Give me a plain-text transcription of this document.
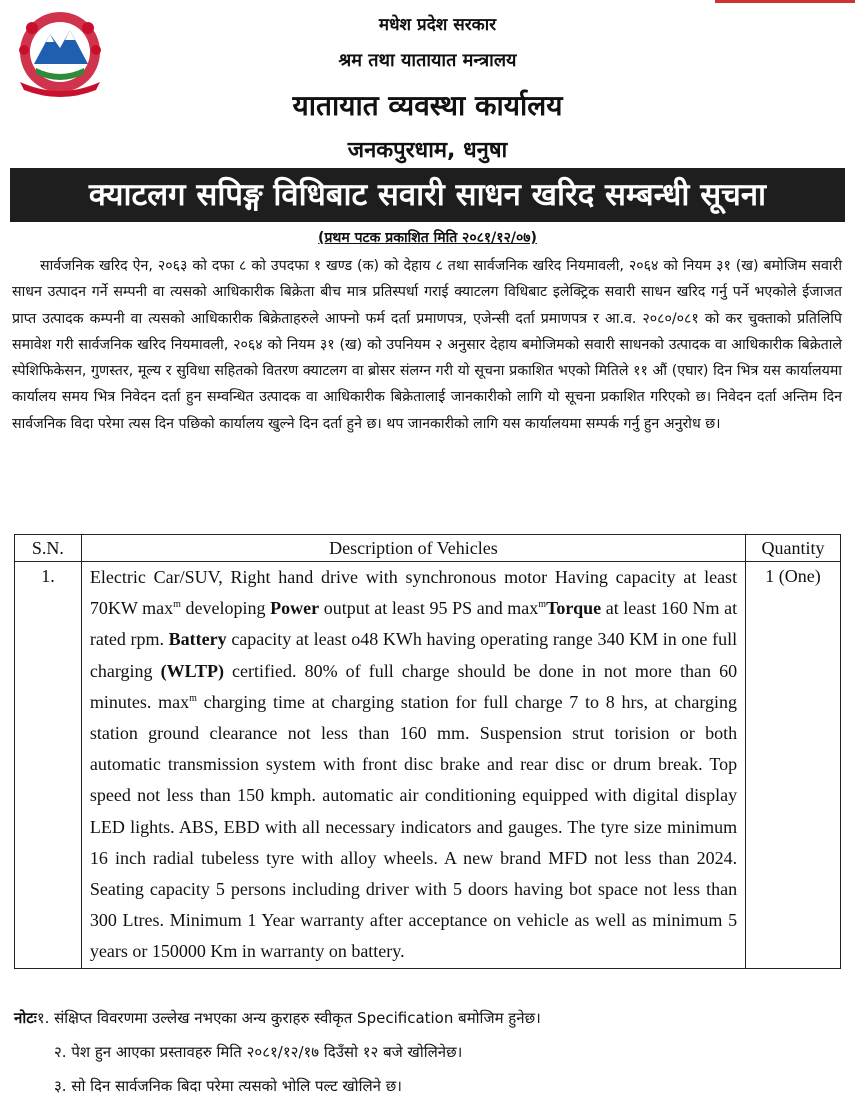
मधेश प्रदेश सरकार
श्रम तथा यातायात मन्त्रालय
यातायात व्यवस्था कार्यालय
जनकपुरधाम, धनुषा
क्याटलग सपिङ्ग विधिबाट सवारी साधन खरिद सम्बन्धी सूचना
(प्रथम पटक प्रकाशित मिति २०८१/१२/०७)
सार्वजनिक खरिद ऐन, २०६३ को दफा ८ को उपदफा १ खण्ड (क) को देहाय ८ तथा सार्वजनिक खरिद नियमावली, २०६४ को नियम ३१ (ख) बमोजिम सवारी साधन उत्पादन गर्ने सम्पनी वा त्यसको आधिकारीक बिक्रेता बीच मात्र प्रतिस्पर्धा गराई क्याटलग विधिबाट इलेक्ट्रिक सवारी साधन खरिद गर्नु पर्ने भएकोले ईजाजत प्राप्त उत्पादक कम्पनी वा त्यसको आधिकारीक बिक्रेताहरुले आफ्नो फर्म दर्ता प्रमाणपत्र, एजेन्सी दर्ता प्रमाणपत्र र आ.व. २०८०/०८१ को कर चुक्ताको प्रतिलिपि समावेश गरी सार्वजनिक खरिद नियमावली, २०६४ को नियम ३१ (ख) को उपनियम २ अनुसार देहाय बमोजिमको सवारी साधनको उत्पादक वा आधिकारीक बिक्रेताले स्पेशिफिकेसन, गुणस्तर, मूल्य र सुविधा सहितको वितरण क्याटलग वा ब्रोसर संलग्न गरी यो सूचना प्रकाशित भएको मितिले ११ औं (एघार) दिन भित्र यस कार्यालयमा कार्यालय समय भित्र निवेदन दर्ता हुन सम्वन्धित उत्पादक वा आधिकारीक बिक्रेतालाई जानकारीको लागि यो सूचना प्रकाशित गरिएको छ। निवेदन दर्ता अन्तिम दिन सार्वजनिक विदा परेमा त्यस दिन पछिको कार्यालय खुल्ने दिन दर्ता हुने छ। थप जानकारीको लागि यस कार्यालयमा सम्पर्क गर्नु हुन अनुरोध छ।
S.N.	Description of Vehicles	Quantity
1.	Electric Car/SUV, Right hand drive with synchronous motor Having capacity at least 70KW $\max^m$ developing Power output at least 95 PS and $\max^mTorque$ at least 160 Nm at rated rpm. Battery capacity at least o48 KWh having operating range 340 KM in one full charging (WLTP) certified. 80% of full charge should be done in not more than 60 minutes. $\max^m$ charging time at charging station for full charge 7 to 8 hrs, at charging station ground clearance not less than 160 mm. Suspension strut torision or both automatic transmission system with front disc brake and rear disc or drum break. Top speed not less than 150 kmph. automatic air conditioning equipped with digital display LED lights. ABS, EBD with all necessary indicators and gauges. The tyre size minimum 16 inch radial tubeless tyre with alloy wheels. A new brand MFD not less than 2024. Seating capacity 5 persons including driver with 5 doors having bot space not less than 300 Ltres. Minimum 1 Year warranty after acceptance on vehicle as well as minimum 5 years or 150000 Km in warranty on battery.	1 (One)
नोटः१. संक्षिप्त विवरणमा उल्लेख नभएका अन्य कुराहरु स्वीकृत Specification बमोजिम हुनेछ।
२. पेश हुन आएका प्रस्तावहरु मिति २०८१/१२/१७ दिउँसो १२ बजे खोलिनेछ।
३. सो दिन सार्वजनिक बिदा परेमा त्यसको भोलि पल्ट खोलिने छ।
